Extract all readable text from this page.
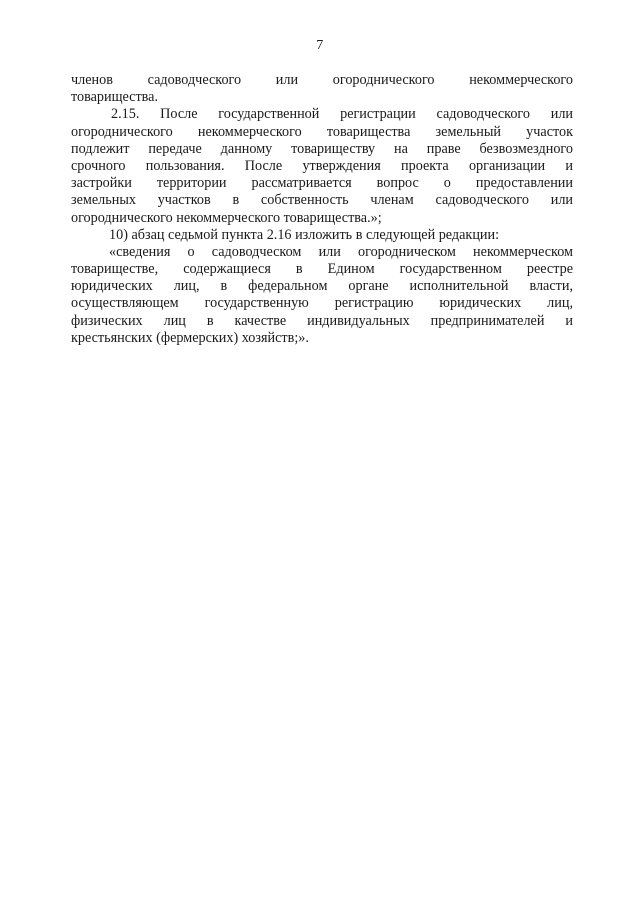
7
членов садоводческого или огороднического некоммерческого
товарищества.
2.15. После государственной регистрации садоводческого или
огороднического некоммерческого товарищества земельный участок
подлежит передаче данному товариществу на праве безвозмездного
срочного пользования. После утверждения проекта организации и
застройки территории рассматривается вопрос о предоставлении
земельных участков в собственность членам садоводческого или
огороднического некоммерческого товарищества.»;
10) абзац седьмой пункта 2.16 изложить в следующей редакции:
«сведения о садоводческом или огородническом некоммерческом
товариществе, содержащиеся в Едином государственном реестре
юридических лиц, в федеральном органе исполнительной власти,
осуществляющем государственную регистрацию юридических лиц,
физических лиц в качестве индивидуальных предпринимателей и
крестьянских (фермерских) хозяйств;».
